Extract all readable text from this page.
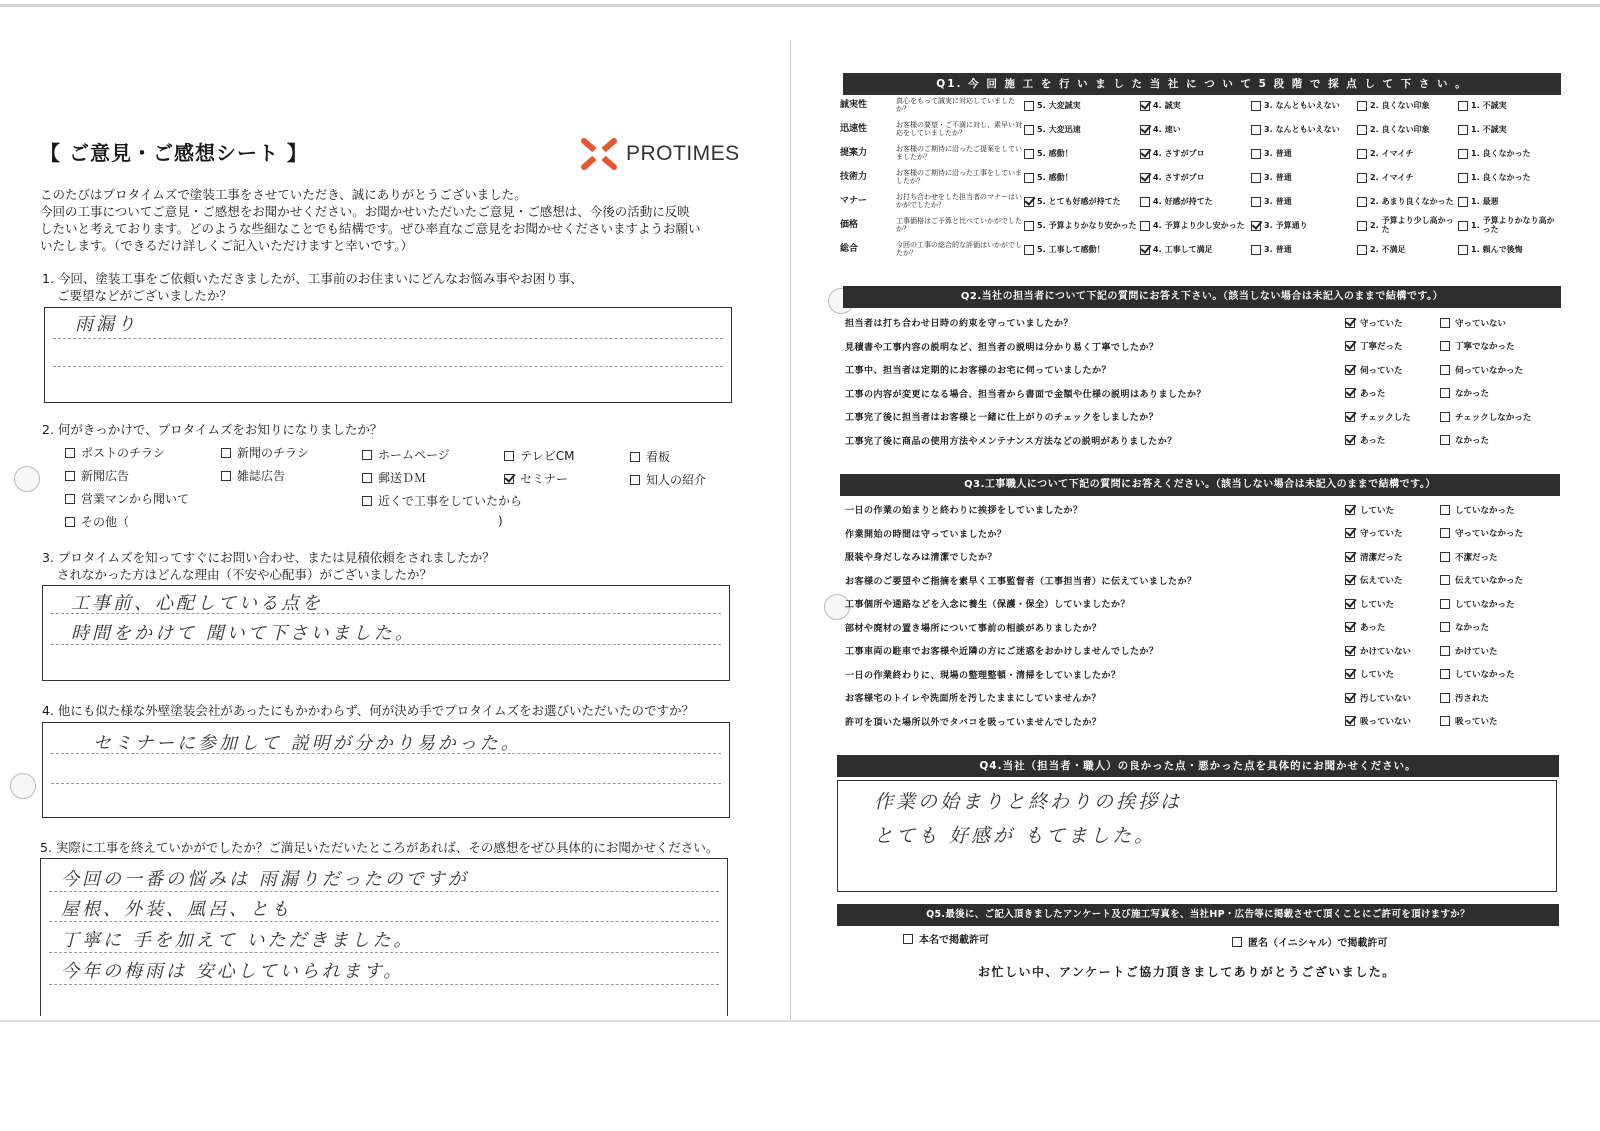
【 ご意見・ご感想シート 】	PROTIMES
このたびはプロタイムズで塗装工事をさせていただき、誠にありがとうございました。
今回の工事についてご意見・ご感想をお聞かせください。お聞かせいただいたご意見・ご感想は、今後の活動に反映
したいと考えております。どのような些細なことでも結構です。ぜひ率直なご意見をお聞かせくださいますようお願い
いたします。（できるだけ詳しくご記入いただけますと幸いです。）
1. 今回、塗装工事をご依頼いただきましたが、工事前のお住まいにどんなお悩み事やお困り事、
ご要望などがございましたか？
雨漏り
2. 何がきっかけで、プロタイムズをお知りになりましたか？
ポストのチラシ	新聞のチラシ	ホームページ	テレビCM	看板
新聞広告	雑誌広告	郵送ＤＭ	セミナー	知人の紹介
営業マンから聞いて	近くで工事をしていたから
その他（	)
3. プロタイムズを知ってすぐにお問い合わせ、または見積依頼をされましたか？
されなかった方はどんな理由（不安や心配事）がございましたか？
工事前、心配している点を
時間をかけて 聞いて下さいました。
4. 他にも似た様な外壁塗装会社があったにもかかわらず、何が決め手でプロタイムズをお選びいただいたのですか？
セミナーに参加して 説明が分かり易かった。
5. 実際に工事を終えていかがでしたか？ご満足いただいたところがあれば、その感想をぜひ具体的にお聞かせください。
今回の一番の悩みは 雨漏りだったのですが
屋根、外装、風呂、とも
丁寧に 手を加えて いただきました。
今年の梅雨は 安心していられます。
Q1. 今 回 施 工 を 行 い ま し た 当 社 に つ い て 5 段 階 で 採 点 し て 下 さ い 。
誠実性	真心をもって誠実に対応していましたか？	5. 大変誠実	4. 誠実	3. なんともいえない	2. 良くない印象	1. 不誠実
迅速性	お客様の要望・ご不満に対し、素早い対応をしていましたか？	5. 大変迅速	4. 速い	3. なんともいえない	2. 良くない印象	1. 不誠実
提案力	お客様のご期待に沿ったご提案をしていましたか？	5. 感動！	4. さすがプロ	3. 普通	2. イマイチ	1. 良くなかった
技術力	お客様のご期待に沿った工事をしていましたか？	5. 感動！	4. さすがプロ	3. 普通	2. イマイチ	1. 良くなかった
マナー	お打ち合わせをした担当者のマナーはいかがでしたか？	5. とても好感が持てた	4. 好感が持てた	3. 普通	2. あまり良くなかった 1. 最悪
価格	工事価格はご予算と比べていかがでしたか？	5. 予算よりかなり安かった 4. 予算より少し安かった 3. 予算通り	2. 予算より少し高かった	1. 予算よりかなり高かった
総合	今回の工事の総合的な評価はいかがでしたか？	5. 工事して感動！	4. 工事して満足	3. 普通	2. 不満足	1. 頼んで後悔
Q2.当社の担当者について下記の質問にお答え下さい。（該当しない場合は未記入のままで結構です。）
担当者は打ち合わせ日時の約束を守っていましたか？	守っていた	守っていない
見積書や工事内容の説明など、担当者の説明は分かり易く丁寧でしたか？	丁寧だった	丁寧でなかった
工事中、担当者は定期的にお客様のお宅に伺っていましたか？	伺っていた	伺っていなかった
工事の内容が変更になる場合、担当者から書面で金額や仕様の説明はありましたか？	あった	なかった
工事完了後に担当者はお客様と一緒に仕上がりのチェックをしましたか？	チェックした	チェックしなかった
工事完了後に商品の使用方法やメンテナンス方法などの説明がありましたか？	あった	なかった
Q3.工事職人について下記の質問にお答えください。（該当しない場合は未記入のままで結構です。）
一日の作業の始まりと終わりに挨拶をしていましたか？	していた	していなかった
作業開始の時間は守っていましたか？	守っていた	守っていなかった
服装や身だしなみは清潔でしたか？	清潔だった	不潔だった
お客様のご要望やご指摘を素早く工事監督者（工事担当者）に伝えていましたか？	伝えていた	伝えていなかった
工事個所や通路などを入念に養生（保護・保全）していましたか？	していた	していなかった
部材や廃材の置き場所について事前の相談がありましたか？	あった	なかった
工事車両の駐車でお客様や近隣の方にご迷惑をおかけしませんでしたか？	かけていない	かけていた
一日の作業終わりに、現場の整理整頓・清掃をしていましたか？	していた	していなかった
お客様宅のトイレや洗面所を汚したままにしていませんか？	汚していない	汚された
許可を頂いた場所以外でタバコを吸っていませんでしたか？	吸っていない	吸っていた
Q4.当社（担当者・職人）の良かった点・悪かった点を具体的にお聞かせください。
作業の始まりと終わりの挨拶は
とても 好感が もてました。
Q5.最後に、ご記入頂きましたアンケート及び施工写真を、当社HP・広告等に掲載させて頂くことにご許可を頂けますか？
本名で掲載許可	匿名（イニシャル）で掲載許可
お忙しい中、アンケートご協力頂きましてありがとうございました。
